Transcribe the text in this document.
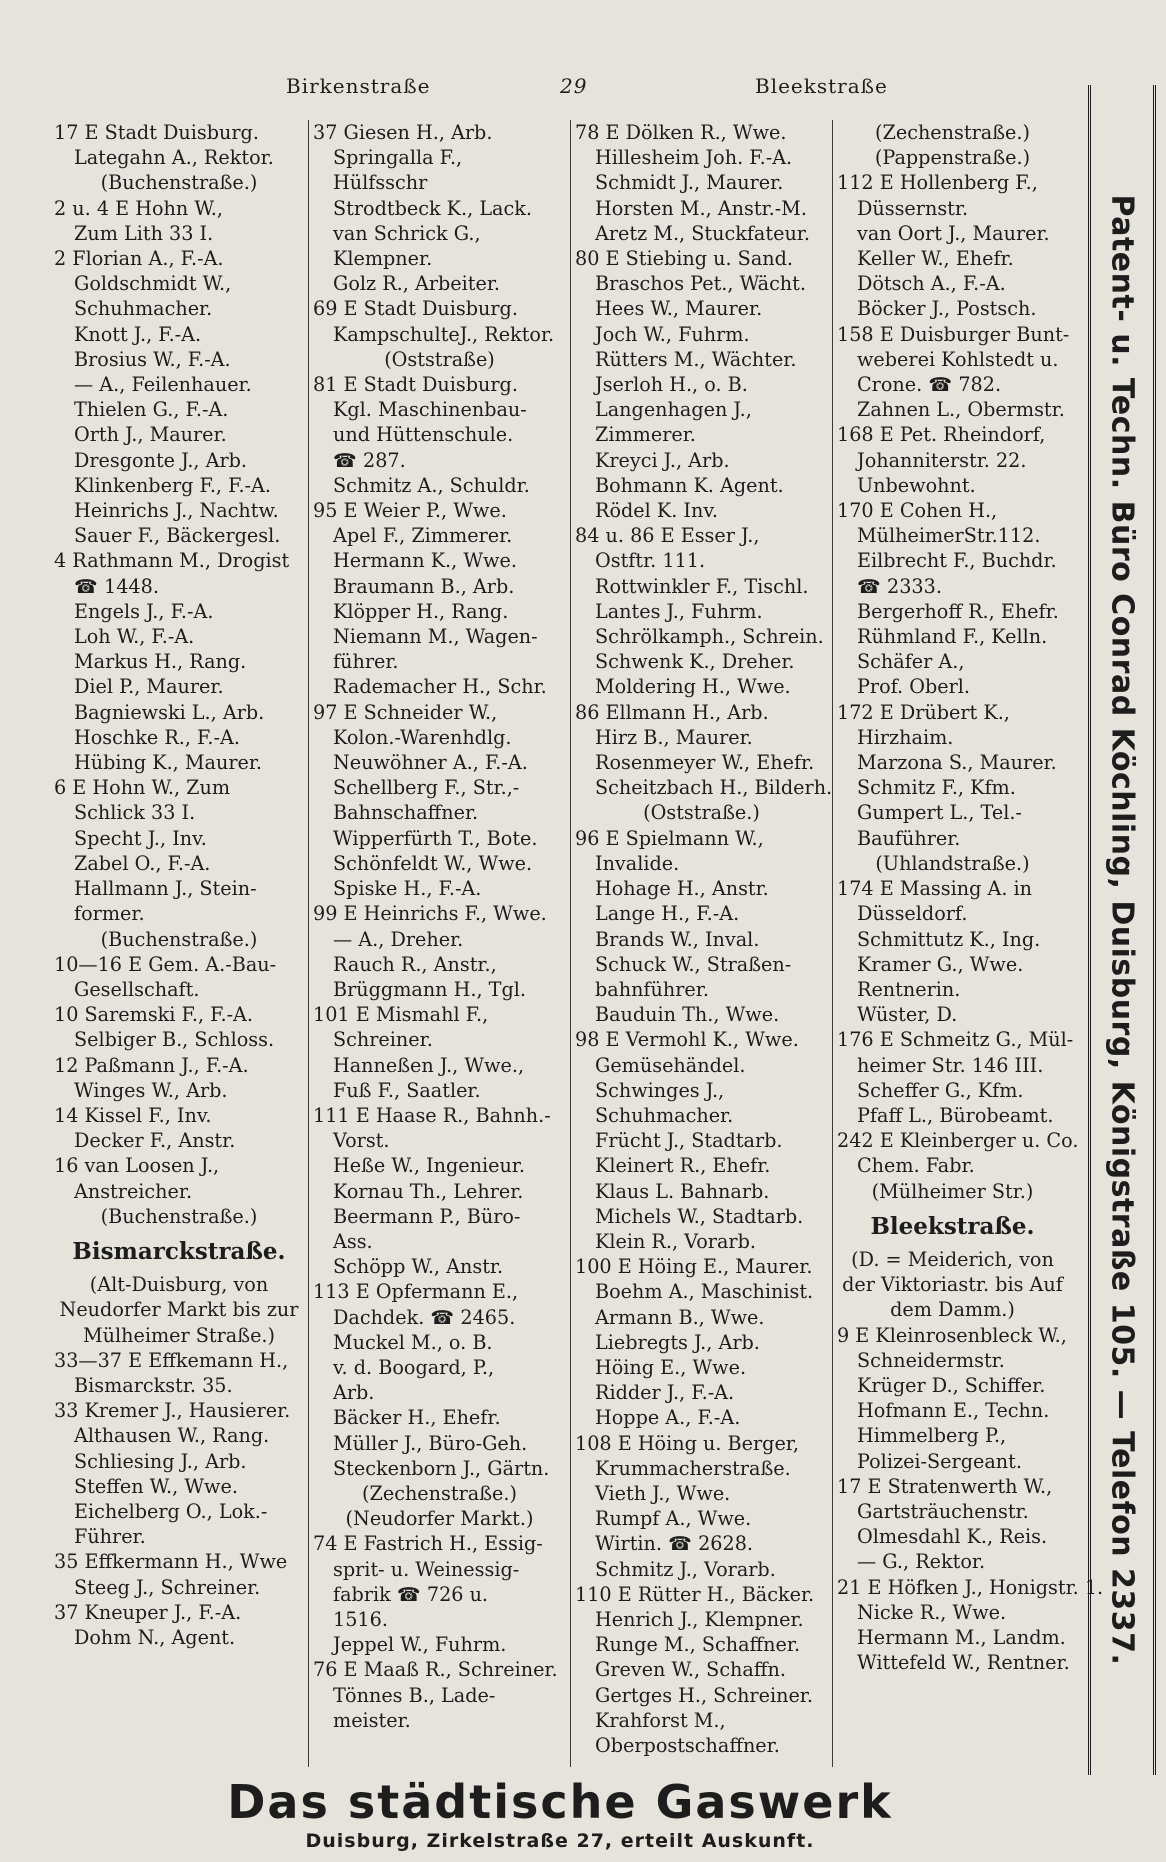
Birkenstraße	29	Bleekstraße
17 E Stadt Duisburg.
Lategahn A., Rektor.
(Buchenstraße.)
2 u. 4 E Hohn W.,
Zum Lith 33 I.
2 Florian A., F.-A.
Goldschmidt W.,
Schuhmacher.
Knott J., F.-A.
Brosius W., F.-A.
— A., Feilenhauer.
Thielen G., F.-A.
Orth J., Maurer.
Dresgonte J., Arb.
Klinkenberg F., F.-A.
Heinrichs J., Nachtw.
Sauer F., Bäckergesl.
4 Rathmann M., Drogist
☎ 1448.
Engels J., F.-A.
Loh W., F.-A.
Markus H., Rang.
Diel P., Maurer.
Bagniewski L., Arb.
Hoschke R., F.-A.
Hübing K., Maurer.
6 E Hohn W., Zum
Schlick 33 I.
Specht J., Inv.
Zabel O., F.-A.
Hallmann J., Stein-
former.
(Buchenstraße.)
10—16 E Gem. A.-Bau-
Gesellschaft.
10 Saremski F., F.-A.
Selbiger B., Schloss.
12 Paßmann J., F.-A.
Winges W., Arb.
14 Kissel F., Inv.
Decker F., Anstr.
16 van Loosen J.,
Anstreicher.
(Buchenstraße.)
Bismarckstraße.
(Alt-Duisburg, von Neudorfer Markt bis zur Mülheimer Straße.)
33—37 E Effkemann H.,
Bismarckstr. 35.
33 Kremer J., Hausierer.
Althausen W., Rang.
Schliesing J., Arb.
Steffen W., Wwe.
Eichelberg O., Lok.-
Führer.
35 Effkermann H., Wwe
Steeg J., Schreiner.
37 Kneuper J., F.-A.
Dohm N., Agent.
37 Giesen H., Arb.
Springalla F.,
Hülfsschr
Strodtbeck K., Lack.
van Schrick G.,
Klempner.
Golz R., Arbeiter.
69 E Stadt Duisburg.
KampschulteJ., Rektor.
(Oststraße)
81 E Stadt Duisburg.
Kgl. Maschinenbau-
und Hüttenschule.
☎ 287.
Schmitz A., Schuldr.
95 E Weier P., Wwe.
Apel F., Zimmerer.
Hermann K., Wwe.
Braumann B., Arb.
Klöpper H., Rang.
Niemann M., Wagen-
führer.
Rademacher H., Schr.
97 E Schneider W.,
Kolon.-Warenhdlg.
Neuwöhner A., F.-A.
Schellberg F., Str.,-
Bahnschaffner.
Wipperfürth T., Bote.
Schönfeldt W., Wwe.
Spiske H., F.-A.
99 E Heinrichs F., Wwe.
— A., Dreher.
Rauch R., Anstr.,
Brüggmann H., Tgl.
101 E Mismahl F.,
Schreiner.
Hanneßen J., Wwe.,
Fuß F., Saatler.
111 E Haase R., Bahnh.-
Vorst.
Heße W., Ingenieur.
Kornau Th., Lehrer.
Beermann P., Büro-
Ass.
Schöpp W., Anstr.
113 E Opfermann E.,
Dachdek. ☎ 2465.
Muckel M., o. B.
v. d. Boogard, P.,
Arb.
Bäcker H., Ehefr.
Müller J., Büro-Geh.
Steckenborn J., Gärtn.
(Zechenstraße.)
(Neudorfer Markt.)
74 E Fastrich H., Essig-
sprit- u. Weinessig-
fabrik ☎ 726 u.
1516.
Jeppel W., Fuhrm.
76 E Maaß R., Schreiner.
Tönnes B., Lade-
meister.
78 E Dölken R., Wwe.
Hillesheim Joh. F.-A.
Schmidt J., Maurer.
Horsten M., Anstr.-M.
Aretz M., Stuckfateur.
80 E Stiebing u. Sand.
Braschos Pet., Wächt.
Hees W., Maurer.
Joch W., Fuhrm.
Rütters M., Wächter.
Jserloh H., o. B.
Langenhagen J.,
Zimmerer.
Kreyci J., Arb.
Bohmann K. Agent.
Rödel K. Inv.
84 u. 86 E Esser J.,
Ostftr. 111.
Rottwinkler F., Tischl.
Lantes J., Fuhrm.
Schrölkamph., Schrein.
Schwenk K., Dreher.
Moldering H., Wwe.
86 Ellmann H., Arb.
Hirz B., Maurer.
Rosenmeyer W., Ehefr.
Scheitzbach H., Bilderh.
(Oststraße.)
96 E Spielmann W.,
Invalide.
Hohage H., Anstr.
Lange H., F.-A.
Brands W., Inval.
Schuck W., Straßen-
bahnführer.
Bauduin Th., Wwe.
98 E Vermohl K., Wwe.
Gemüsehändel.
Schwinges J.,
Schuhmacher.
Frücht J., Stadtarb.
Kleinert R., Ehefr.
Klaus L. Bahnarb.
Michels W., Stadtarb.
Klein R., Vorarb.
100 E Höing E., Maurer.
Boehm A., Maschinist.
Armann B., Wwe.
Liebregts J., Arb.
Höing E., Wwe.
Ridder J., F.-A.
Hoppe A., F.-A.
108 E Höing u. Berger,
Krummacherstraße.
Vieth J., Wwe.
Rumpf A., Wwe.
Wirtin. ☎ 2628.
Schmitz J., Vorarb.
110 E Rütter H., Bäcker.
Henrich J., Klempner.
Runge M., Schaffner.
Greven W., Schaffn.
Gertges H., Schreiner.
Krahforst M.,
Oberpostschaffner.
(Zechenstraße.)
(Pappenstraße.)
112 E Hollenberg F.,
Düssernstr.
van Oort J., Maurer.
Keller W., Ehefr.
Dötsch A., F.-A.
Böcker J., Postsch.
158 E Duisburger Bunt-
weberei Kohlstedt u.
Crone. ☎ 782.
Zahnen L., Obermstr.
168 E Pet. Rheindorf,
Johanniterstr. 22.
Unbewohnt.
170 E Cohen H.,
MülheimerStr.112.
Eilbrecht F., Buchdr.
☎ 2333.
Bergerhoff R., Ehefr.
Rühmland F., Kelln.
Schäfer A.,
Prof. Oberl.
172 E Drübert K.,
Hirzhaim.
Marzona S., Maurer.
Schmitz F., Kfm.
Gumpert L., Tel.-
Bauführer.
(Uhlandstraße.)
174 E Massing A. in
Düsseldorf.
Schmittutz K., Ing.
Kramer G., Wwe.
Rentnerin.
Wüster, D.
176 E Schmeitz G., Mül-
heimer Str. 146 III.
Scheffer G., Kfm.
Pfaff L., Bürobeamt.
242 E Kleinberger u. Co.
Chem. Fabr.
(Mülheimer Str.)
Bleekstraße.
(D. = Meiderich, von der Viktoriastr. bis Auf dem Damm.)
9 E Kleinrosenbleck W.,
Schneidermstr.
Krüger D., Schiffer.
Hofmann E., Techn.
Himmelberg P.,
Polizei-Sergeant.
17 E Stratenwerth W.,
Gartsträuchenstr.
Olmesdahl K., Reis.
— G., Rektor.
21 E Höfken J., Honigstr. 1.
Nicke R., Wwe.
Hermann M., Landm.
Wittefeld W., Rentner. Patent- u. Techn. Büro Conrad Köchling, Duisburg, Königstraße 105. — Telefon 2337.
Das städtische Gaswerk
Duisburg, Zirkelstraße 27, erteilt Auskunft.
